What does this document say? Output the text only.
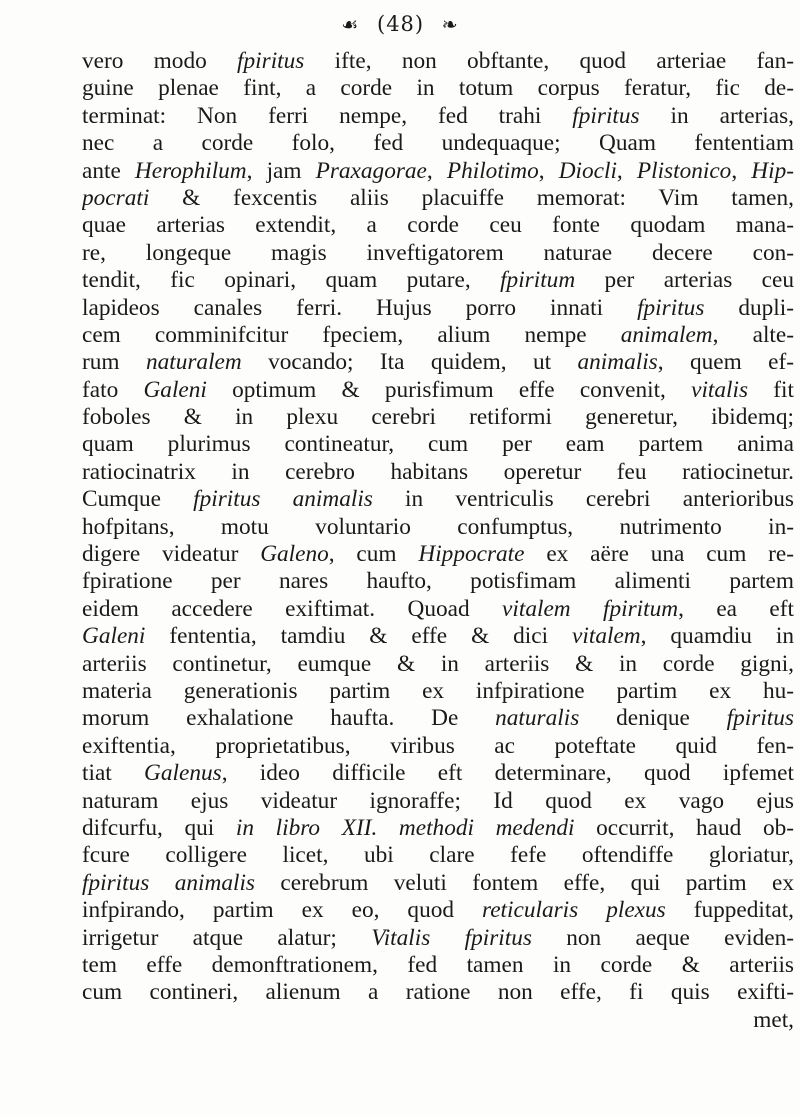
☙ (48) ❧
vero modo fpiritus ifte, non obftante, quod arteriae fan-
guine plenae fint, a corde in totum corpus feratur, fic de-
terminat: Non ferri nempe, fed trahi fpiritus in arterias,
nec a corde folo, fed undequaque; Quam fententiam
ante Herophilum, jam Praxagorae, Philotimo, Diocli, Plistonico, Hip-
pocrati & fexcentis aliis placuiffe memorat: Vim tamen,
quae arterias extendit, a corde ceu fonte quodam mana-
re, longeque magis inveftigatorem naturae decere con-
tendit, fic opinari, quam putare, fpiritum per arterias ceu
lapideos canales ferri. Hujus porro innati fpiritus dupli-
cem comminifcitur fpeciem, alium nempe animalem, alte-
rum naturalem vocando; Ita quidem, ut animalis, quem ef-
fato Galeni optimum & purisfimum effe convenit, vitalis fit
foboles & in plexu cerebri retiformi generetur, ibidemq;
quam plurimus contineatur, cum per eam partem anima
ratiocinatrix in cerebro habitans operetur feu ratiocinetur.
Cumque fpiritus animalis in ventriculis cerebri anterioribus
hofpitans, motu voluntario confumptus, nutrimento in-
digere videatur Galeno, cum Hippocrate ex aëre una cum re-
fpiratione per nares haufto, potisfimam alimenti partem
eidem accedere exiftimat. Quoad vitalem fpiritum, ea eft
Galeni fententia, tamdiu & effe & dici vitalem, quamdiu in
arteriis continetur, eumque & in arteriis & in corde gigni,
materia generationis partim ex infpiratione partim ex hu-
morum exhalatione haufta. De naturalis denique fpiritus
exiftentia, proprietatibus, viribus ac poteftate quid fen-
tiat Galenus, ideo difficile eft determinare, quod ipfemet
naturam ejus videatur ignoraffe; Id quod ex vago ejus
difcurfu, qui in libro XII. methodi medendi occurrit, haud ob-
fcure colligere licet, ubi clare fefe oftendiffe gloriatur,
fpiritus animalis cerebrum veluti fontem effe, qui partim ex
infpirando, partim ex eo, quod reticularis plexus fuppeditat,
irrigetur atque alatur; Vitalis fpiritus non aeque eviden-
tem effe demonftrationem, fed tamen in corde & arteriis
cum contineri, alienum a ratione non effe, fi quis exifti-
met,
